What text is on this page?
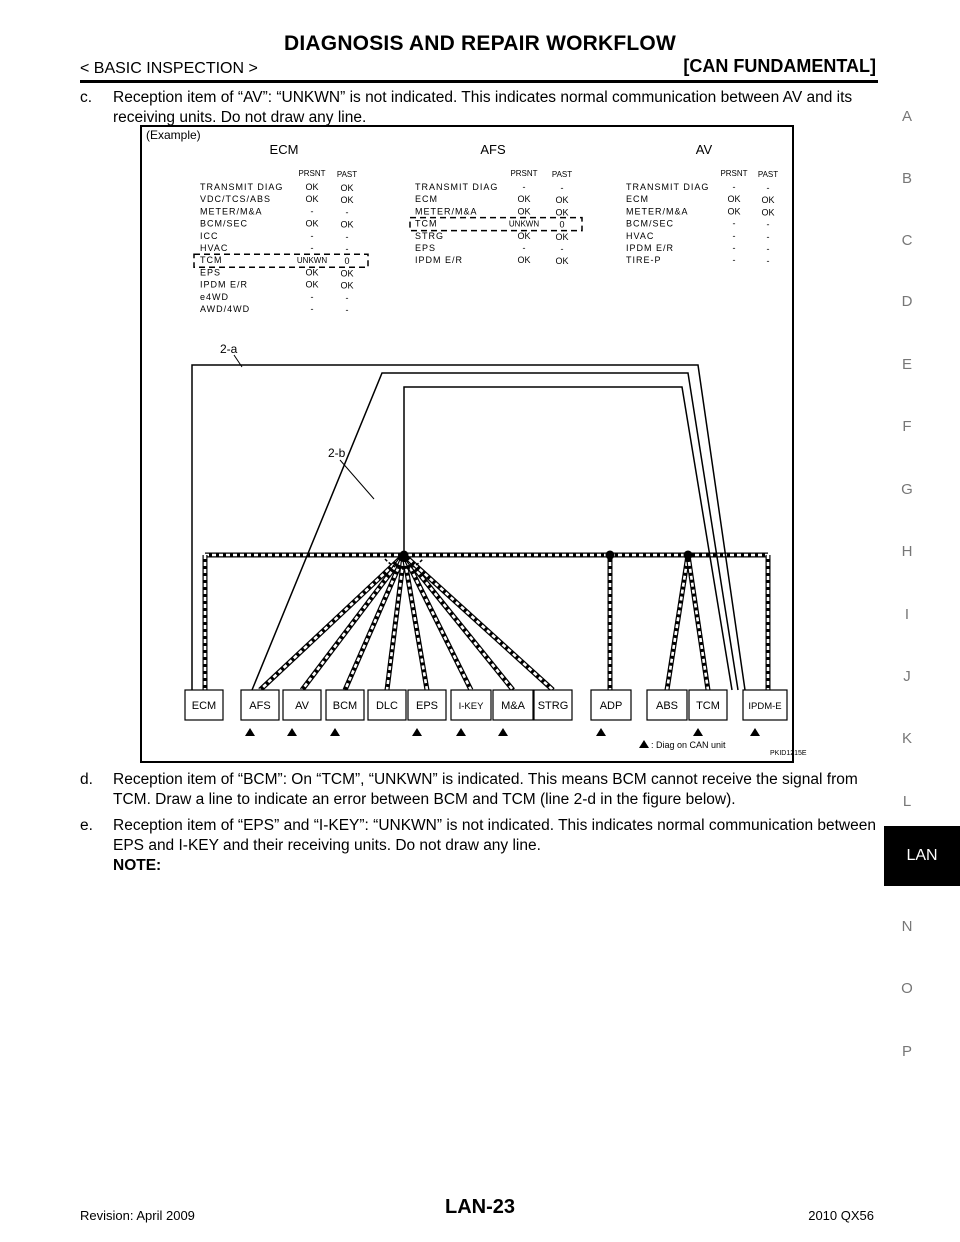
DIAGNOSIS AND REPAIR WORKFLOW
< BASIC INSPECTION >	[CAN FUNDAMENTAL]
c.	Reception item of “AV”: “UNKWN” is not indicated. This indicates normal communication between AV and its receiving units. Do not draw any line.
(Example)
ECM
PRSNT PAST
TRANSMIT DIAG OK OK
VDC/TCS/ABS	OK OK
METER/M&A	-	-
BCM/SEC	OK OK
ICC	-	-
HVAC	-	-
TCM	UNKWN 0
EPS	OK OK
IPDM E/R	OK OK
e4WD	-	-
AWD/4WD	-	-
AFS
PRSNT PAST
TRANSMIT DIAG	-	-
ECM	OK	OK
METER/M&A	OK	OK
TCM	UNKWN 0
STRG	OK	OK
EPS	-	-
IPDM E/R	OK	OK
AV
PRSNT PAST
TRANSMIT DIAG	-	-
ECM	OK OK
METER/M&A	OK OK
BCM/SEC	-	-
HVAC	-	-
IPDM E/R	-	-
TIRE-P	-	-
2-a
2-b
ECM	AFS AV BCM DLC EPS I-KEY M&A STRG	ADP	ABS TCM	IPDM-E
: Diag on CAN unit
PKID1215E
d.	Reception item of “BCM”: On “TCM”, “UNKWN” is indicated. This means BCM cannot receive the signal from TCM. Draw a line to indicate an error between BCM and TCM (line 2-d in the figure below).
e.	Reception item of “EPS” and “I-KEY”: “UNKWN” is not indicated. This indicates normal communication between EPS and I-KEY and their receiving units. Do not draw any line.
NOTE:
A
B
C
D
E
F
G
H
I
J
K
L
N
O
P
LAN
Revision: April 2009	LAN-23	2010 QX56
